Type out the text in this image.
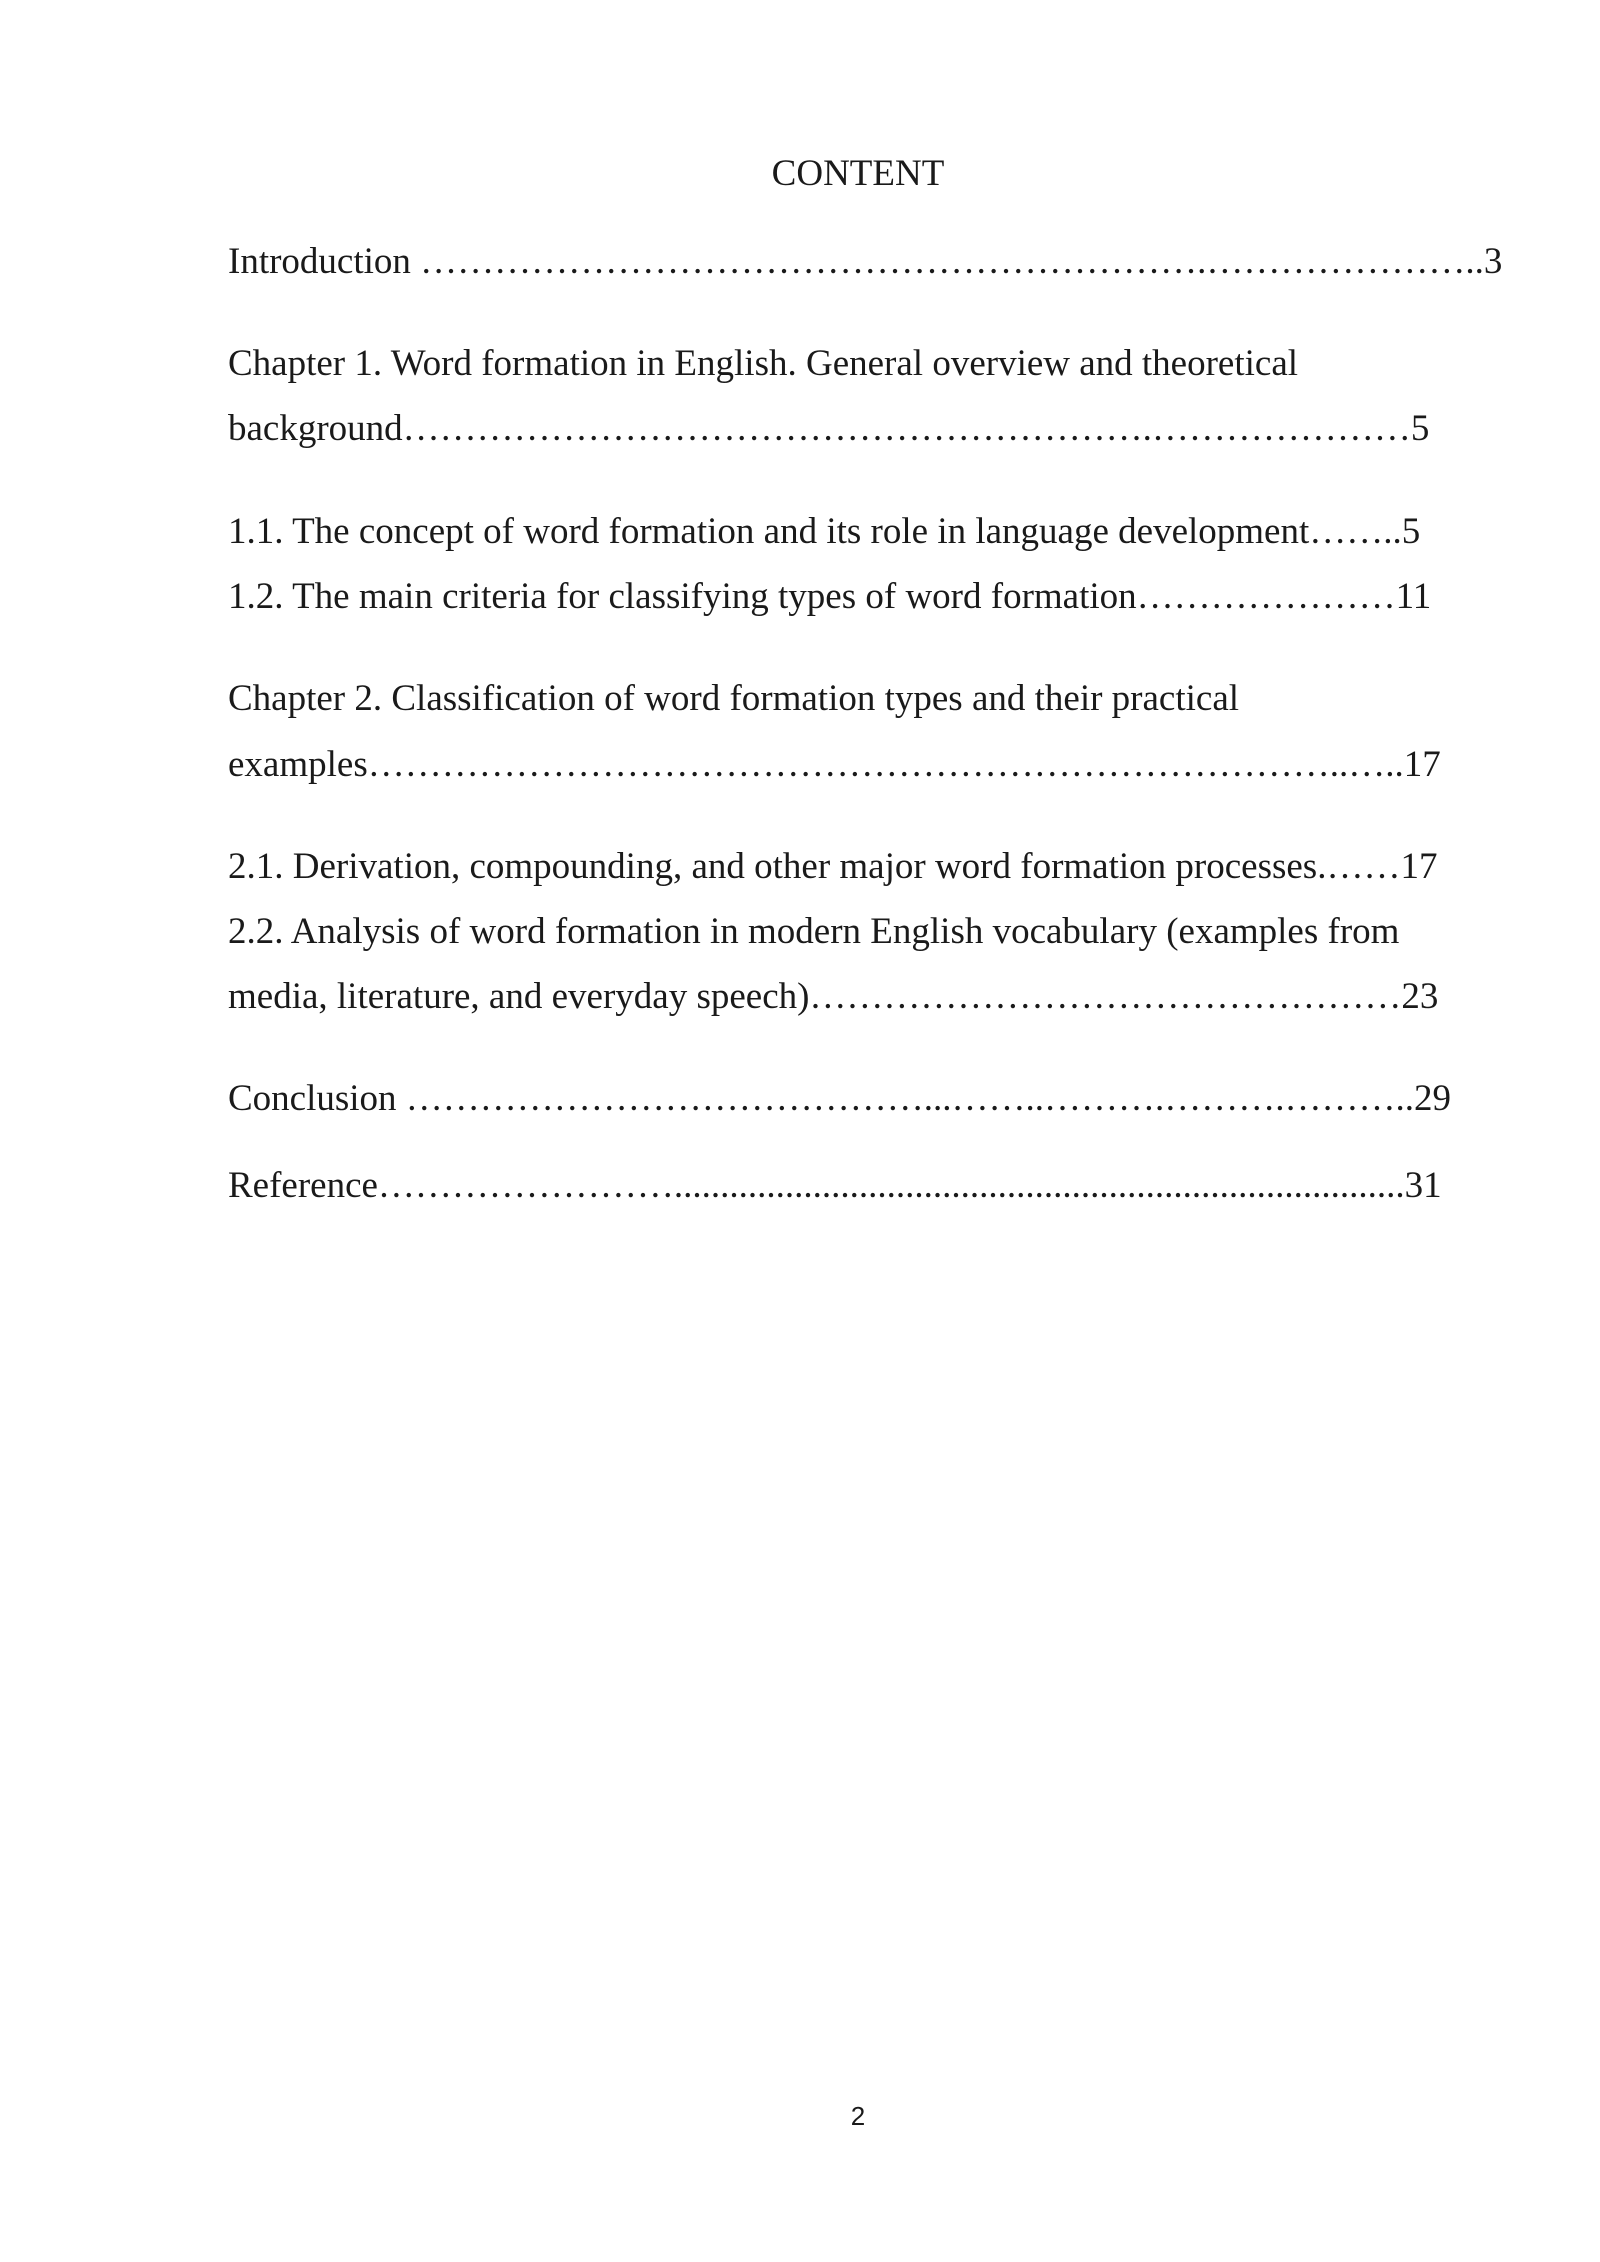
CONTENT
Introduction ……………………………………………………….…………………..3
Chapter 1. Word formation in English. General overview and theoretical
background…………………………………………………….…………………5
1.1. The concept of word formation and its role in language development……..5
1.2. The main criteria for classifying types of word formation…………………11
Chapter 2. Classification of word formation types and their practical
examples……………………………………………………………………..…..17
2.1. Derivation, compounding, and other major word formation processes.……17
2.2. Analysis of word formation in modern English vocabulary (examples from
media, literature, and everyday speech)…………………………………………23
Conclusion ……………………………………...……..……….……….………..29
Reference……………………...............................................................................31
2
